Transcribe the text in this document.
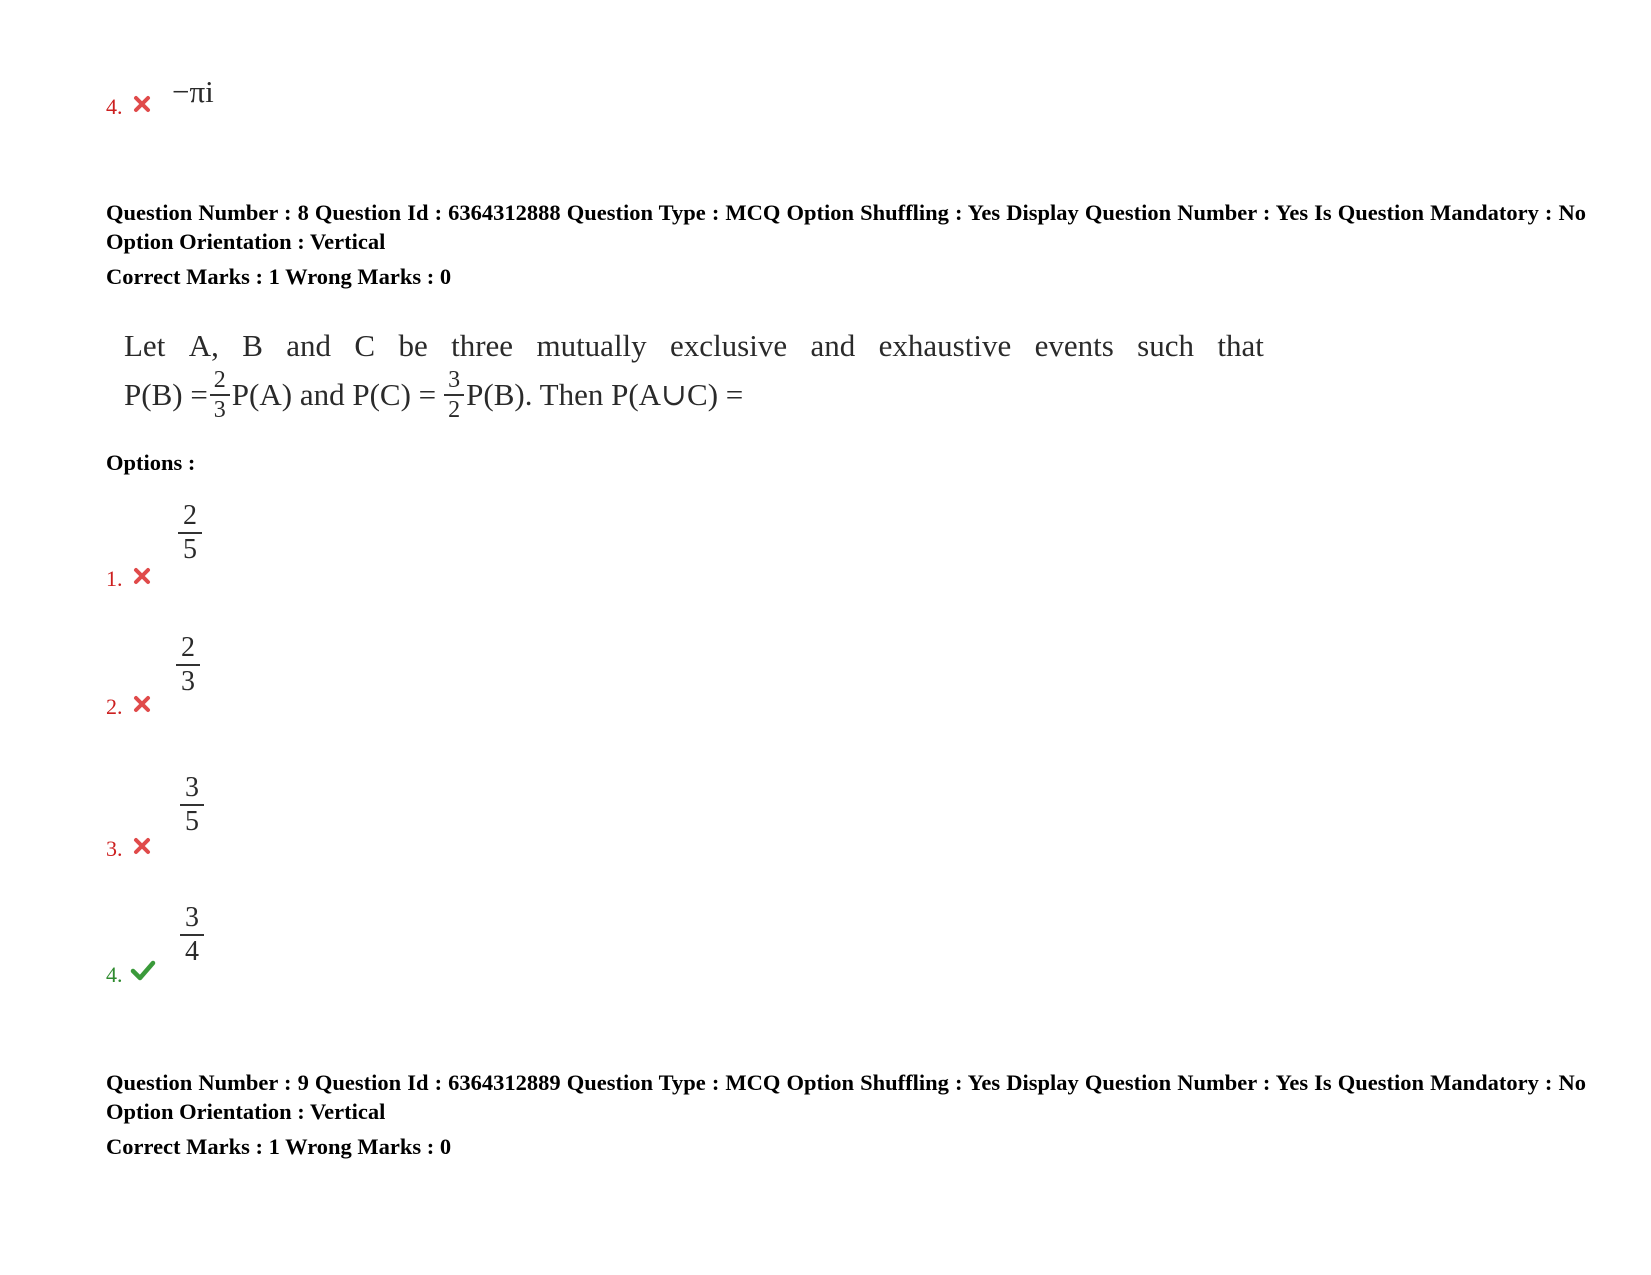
4. −πi
Question Number : 8 Question Id : 6364312888 Question Type : MCQ Option Shuffling : Yes Display Question Number : Yes Is Question Mandatory : No Option Orientation : Vertical
Correct Marks : 1 Wrong Marks : 0
Let A, B and C be three mutually exclusive and exhaustive events such that
$P(B) = \frac{2}{3} P(A)$ and $P(C) = \frac{3}{2} P(B)$. Then P(A∪C) =
Options :
1.
$\frac{2}{5}$
2.
$\frac{2}{3}$
3.
$\frac{3}{5}$
4.
$\frac{3}{4}$
Question Number : 9 Question Id : 6364312889 Question Type : MCQ Option Shuffling : Yes Display Question Number : Yes Is Question Mandatory : No Option Orientation : Vertical
Correct Marks : 1 Wrong Marks : 0
